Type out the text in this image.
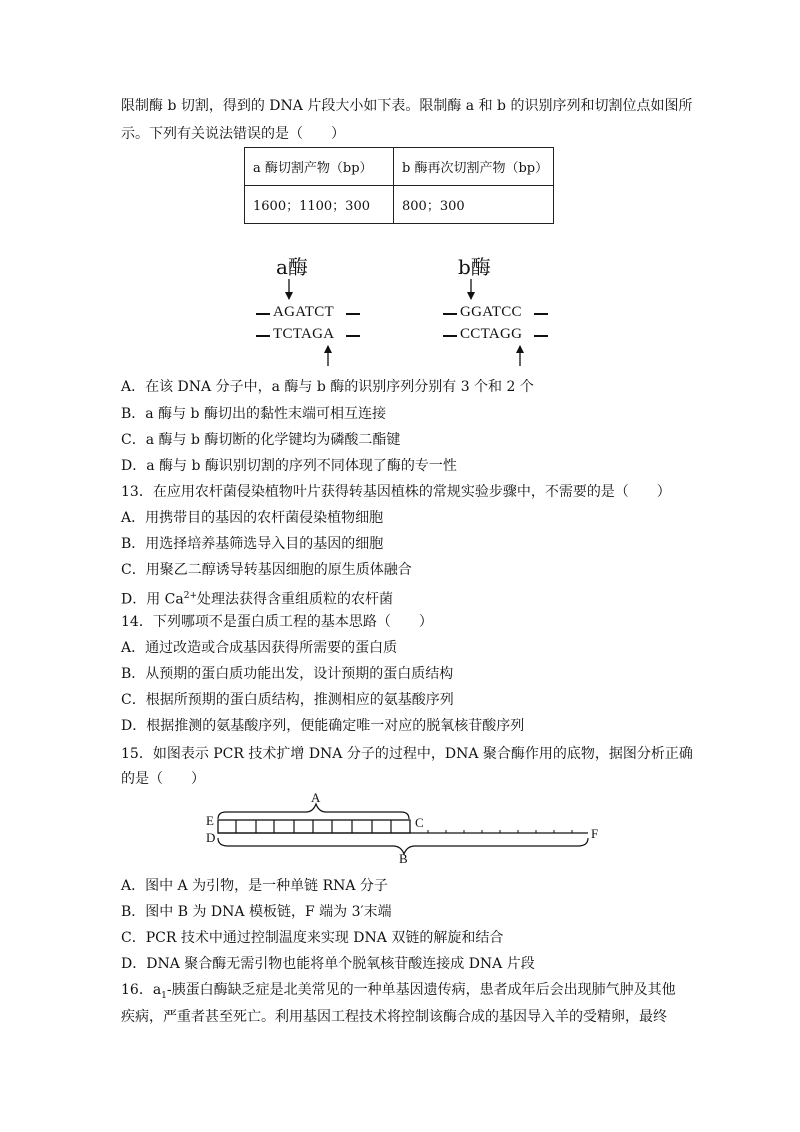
限制酶 b 切割，得到的 DNA 片段大小如下表。限制酶 a 和 b 的识别序列和切割位点如图所
示。下列有关说法错误的是（　　）
a 酶切割产物（bp）	b 酶再次切割产物（bp）
1600；1100；300	800；300
a酶
AGATCT
TCTAGA
b酶
GGATCC
CCTAGG
A．在该 DNA 分子中，a 酶与 b 酶的识别序列分别有 3 个和 2 个
B．a 酶与 b 酶切出的黏性末端可相互连接
C．a 酶与 b 酶切断的化学键均为磷酸二酯键
D．a 酶与 b 酶识别切割的序列不同体现了酶的专一性
13．在应用农杆菌侵染植物叶片获得转基因植株的常规实验步骤中，不需要的是（　　）
A．用携带目的基因的农杆菌侵染植物细胞
B．用选择培养基筛选导入目的基因的细胞
C．用聚乙二醇诱导转基因细胞的原生质体融合
D．用 $Ca^{2+}$处理法获得含重组质粒的农杆菌
14．下列哪项不是蛋白质工程的基本思路（　　）
A．通过改造或合成基因获得所需要的蛋白质
B．从预期的蛋白质功能出发，设计预期的蛋白质结构
C．根据所预期的蛋白质结构，推测相应的氨基酸序列
D．根据推测的氨基酸序列，便能确定唯一对应的脱氧核苷酸序列
15．如图表示 PCR 技术扩增 DNA 分子的过程中，DNA 聚合酶作用的底物，据图分析正确
的是（　　）
A
E
D
C
F
B
A．图中 A 为引物，是一种单链 RNA 分子
B．图中 B 为 DNA 模板链，F 端为 3′末端
C．PCR 技术中通过控制温度来实现 DNA 双链的解旋和结合
D．DNA 聚合酶无需引物也能将单个脱氧核苷酸连接成 DNA 片段
16．$a_1-$胰蛋白酶缺乏症是北美常见的一种单基因遗传病，患者成年后会出现肺气肿及其他
疾病，严重者甚至死亡。利用基因工程技术将控制该酶合成的基因导入羊的受精卵，最终
